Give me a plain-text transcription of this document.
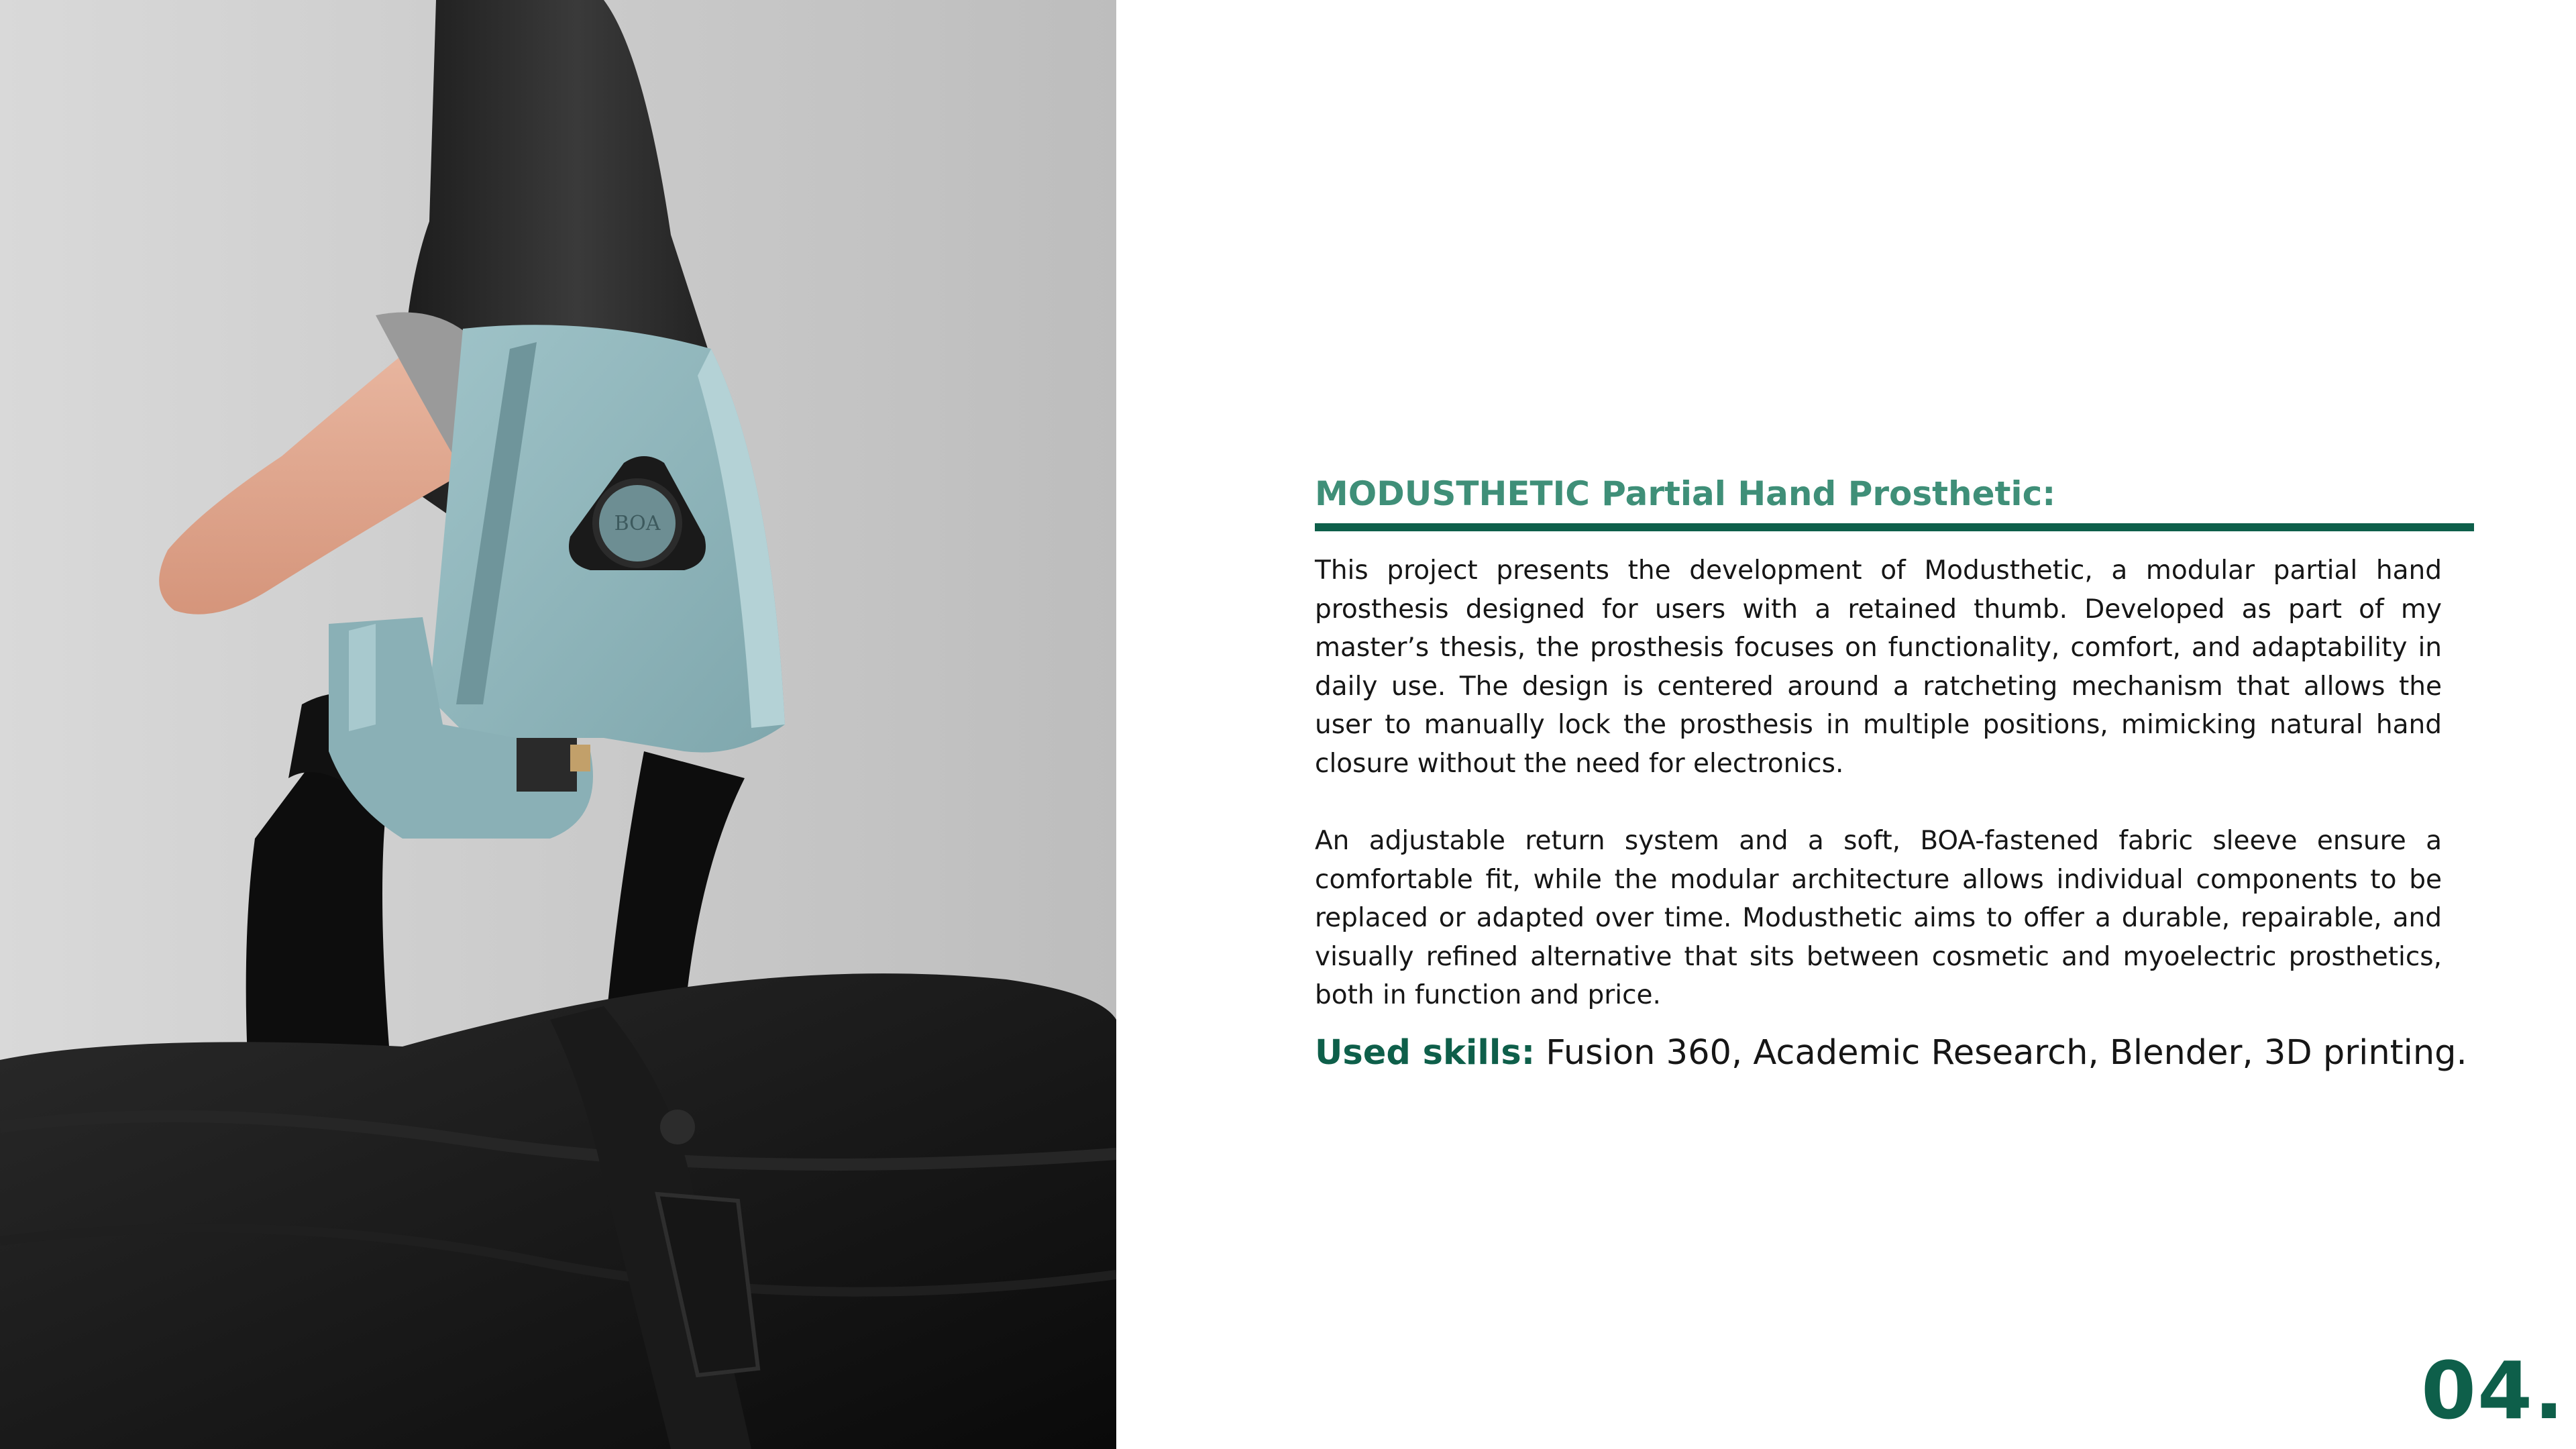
BOA
MODUSTHETIC Partial Hand Prosthetic:

This project presents the development of Modusthetic, a modular partial hand prosthesis designed for users with a retained thumb. Developed as part of my master’s thesis, the prosthesis focuses on functionality, comfort, and adaptability in daily use. The design is centered around a ratcheting mechanism that allows the user to manually lock the prosthesis in multiple positions, mimicking natural hand closure without the need for electronics.

An adjustable return system and a soft, BOA-fastened fabric sleeve ensure a comfortable fit, while the modular architecture allows individual components to be replaced or adapted over time. Modusthetic aims to offer a durable, repairable, and visually refined alternative that sits between cosmetic and myoelectric prosthetics, both in function and price.

Used skills: Fusion 360, Academic Research, Blender, 3D printing.
04.
